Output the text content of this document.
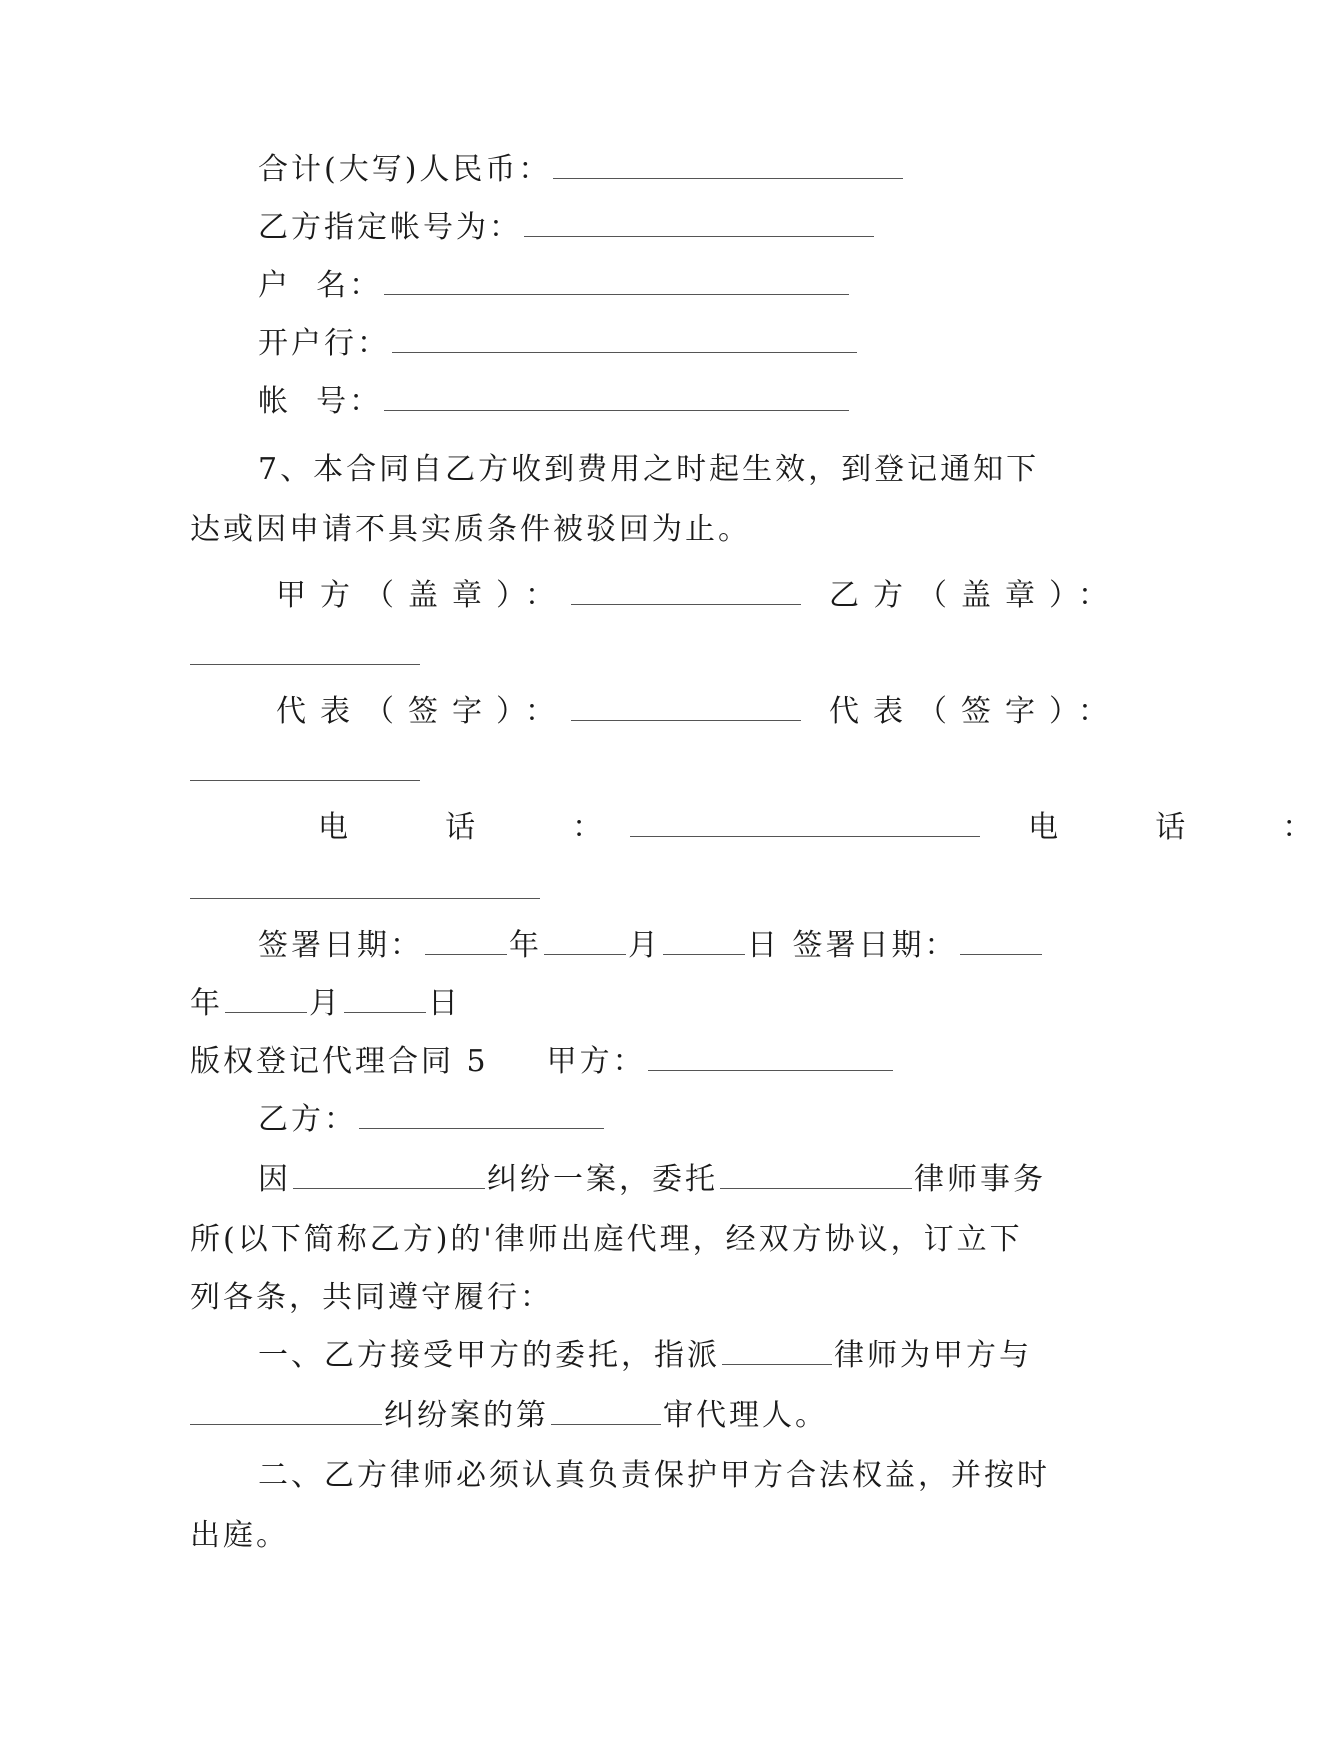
合计(大写)人民币：
乙方指定帐号为：
户  名：
开户行：
帐  号：
7、本合同自乙方收到费用之时起生效，到登记通知下
达或因申请不具实质条件被驳回为止。
甲方（盖章）：	乙方（盖章）：
代表（签字）：	代表（签字）：
电  话  ：	电  话  ：
签署日期：	年	月	日 签署日期：
年	月	日
版权登记代理合同 5 甲方：
乙方：
因	纠纷一案，委托	律师事务
所(以下简称乙方)的'律师出庭代理，经双方协议，订立下
列各条，共同遵守履行：
一、乙方接受甲方的委托，指派	律师为甲方与
纠纷案的第	审代理人。
二、乙方律师必须认真负责保护甲方合法权益，并按时
出庭。
